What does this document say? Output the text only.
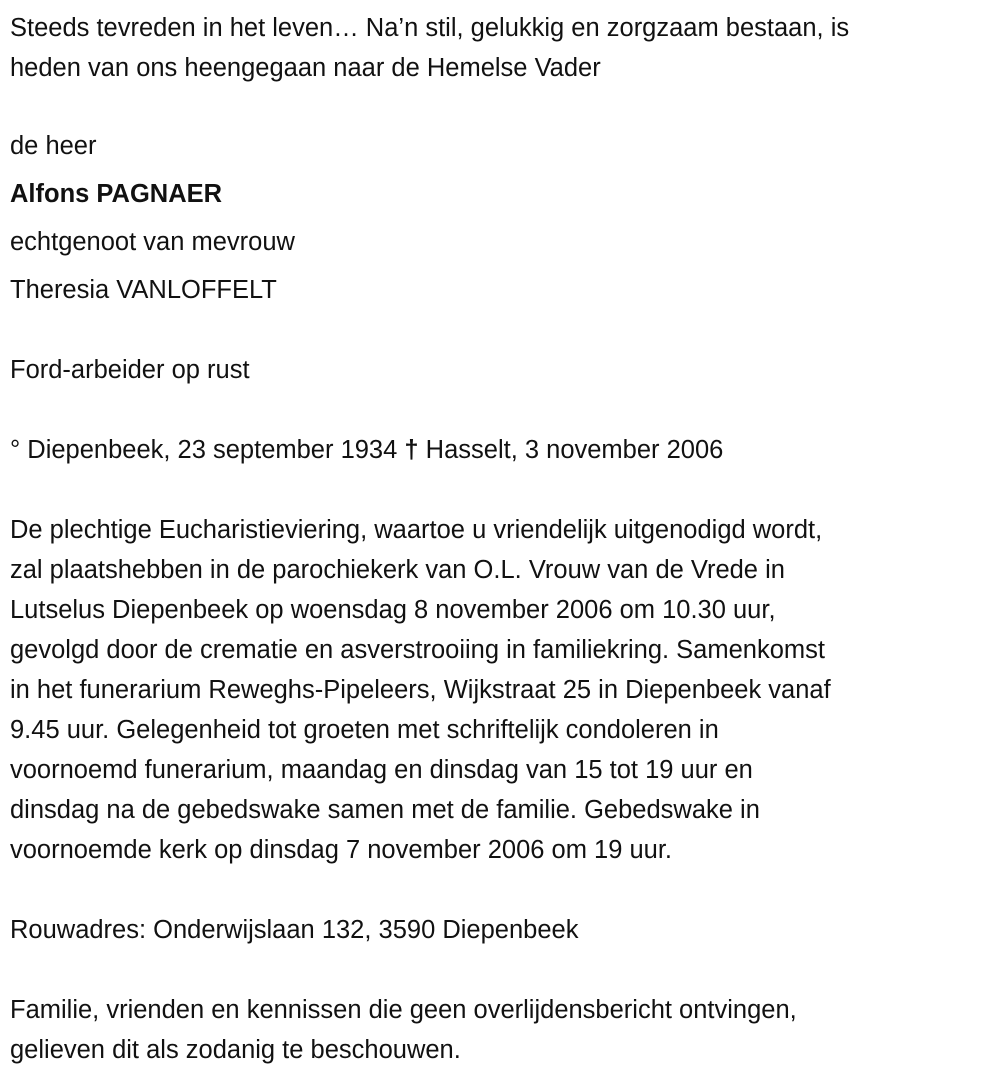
Steeds tevreden in het leven… Na’n stil, gelukkig en zorgzaam bestaan, is
heden van ons heengegaan naar de Hemelse Vader
de heer
Alfons PAGNAER
echtgenoot van mevrouw
Theresia VANLOFFELT
Ford-arbeider op rust
° Diepenbeek, 23 september 1934 † Hasselt, 3 november 2006
De plechtige Eucharistieviering, waartoe u vriendelijk uitgenodigd wordt,
zal plaatshebben in de parochiekerk van O.L. Vrouw van de Vrede in
Lutselus Diepenbeek op woensdag 8 november 2006 om 10.30 uur,
gevolgd door de crematie en asverstrooiing in familiekring. Samenkomst
in het funerarium Reweghs-Pipeleers, Wijkstraat 25 in Diepenbeek vanaf
9.45 uur. Gelegenheid tot groeten met schriftelijk condoleren in
voornoemd funerarium, maandag en dinsdag van 15 tot 19 uur en
dinsdag na de gebedswake samen met de familie. Gebedswake in
voornoemde kerk op dinsdag 7 november 2006 om 19 uur.
Rouwadres: Onderwijslaan 132, 3590 Diepenbeek
Familie, vrienden en kennissen die geen overlijdensbericht ontvingen,
gelieven dit als zodanig te beschouwen.
